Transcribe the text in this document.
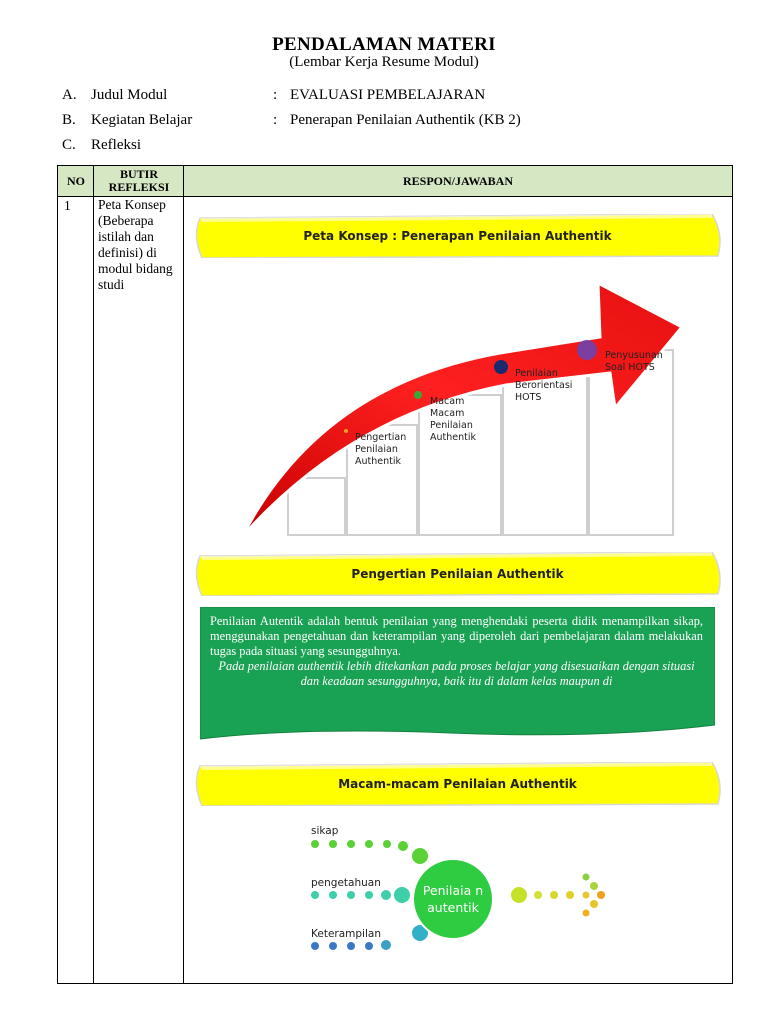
PENDALAMAN MATERI
(Lembar Kerja Resume Modul)
A. Judul Modul	: EVALUASI PEMBELAJARAN
B. Kegiatan Belajar	: Penerapan Penilaian Authentik (KB 2)
C. Refleksi
NO	BUTIR REFLEKSI	RESPON/JAWABAN
1 Peta Konsep (Beberapa istilah dan definisi) di modul bidang studi
Peta Konsep : Penerapan Penilaian Authentik
Pengertian Penilaian Authentik
Macam Macam Penilaian Authentik
Penilaian Berorientasi HOTS
Penyusunan Soal HOTS
Pengertian Penilaian Authentik

Penilaian Autentik adalah bentuk penilaian yang menghendaki peserta didik menampilkan sikap, menggunakan pengetahuan dan keterampilan yang diperoleh dari pembelajaran dalam melakukan tugas pada situasi yang sesungguhnya.

Pada penilaian authentik lebih ditekankan pada proses belajar yang disesuaikan dengan situasi dan keadaan sesungguhnya, baik itu di dalam kelas maupun di

Macam-macam Penilaian Authentik
Penilaia n autentik
sikap
pengetahuan
Keterampilan
